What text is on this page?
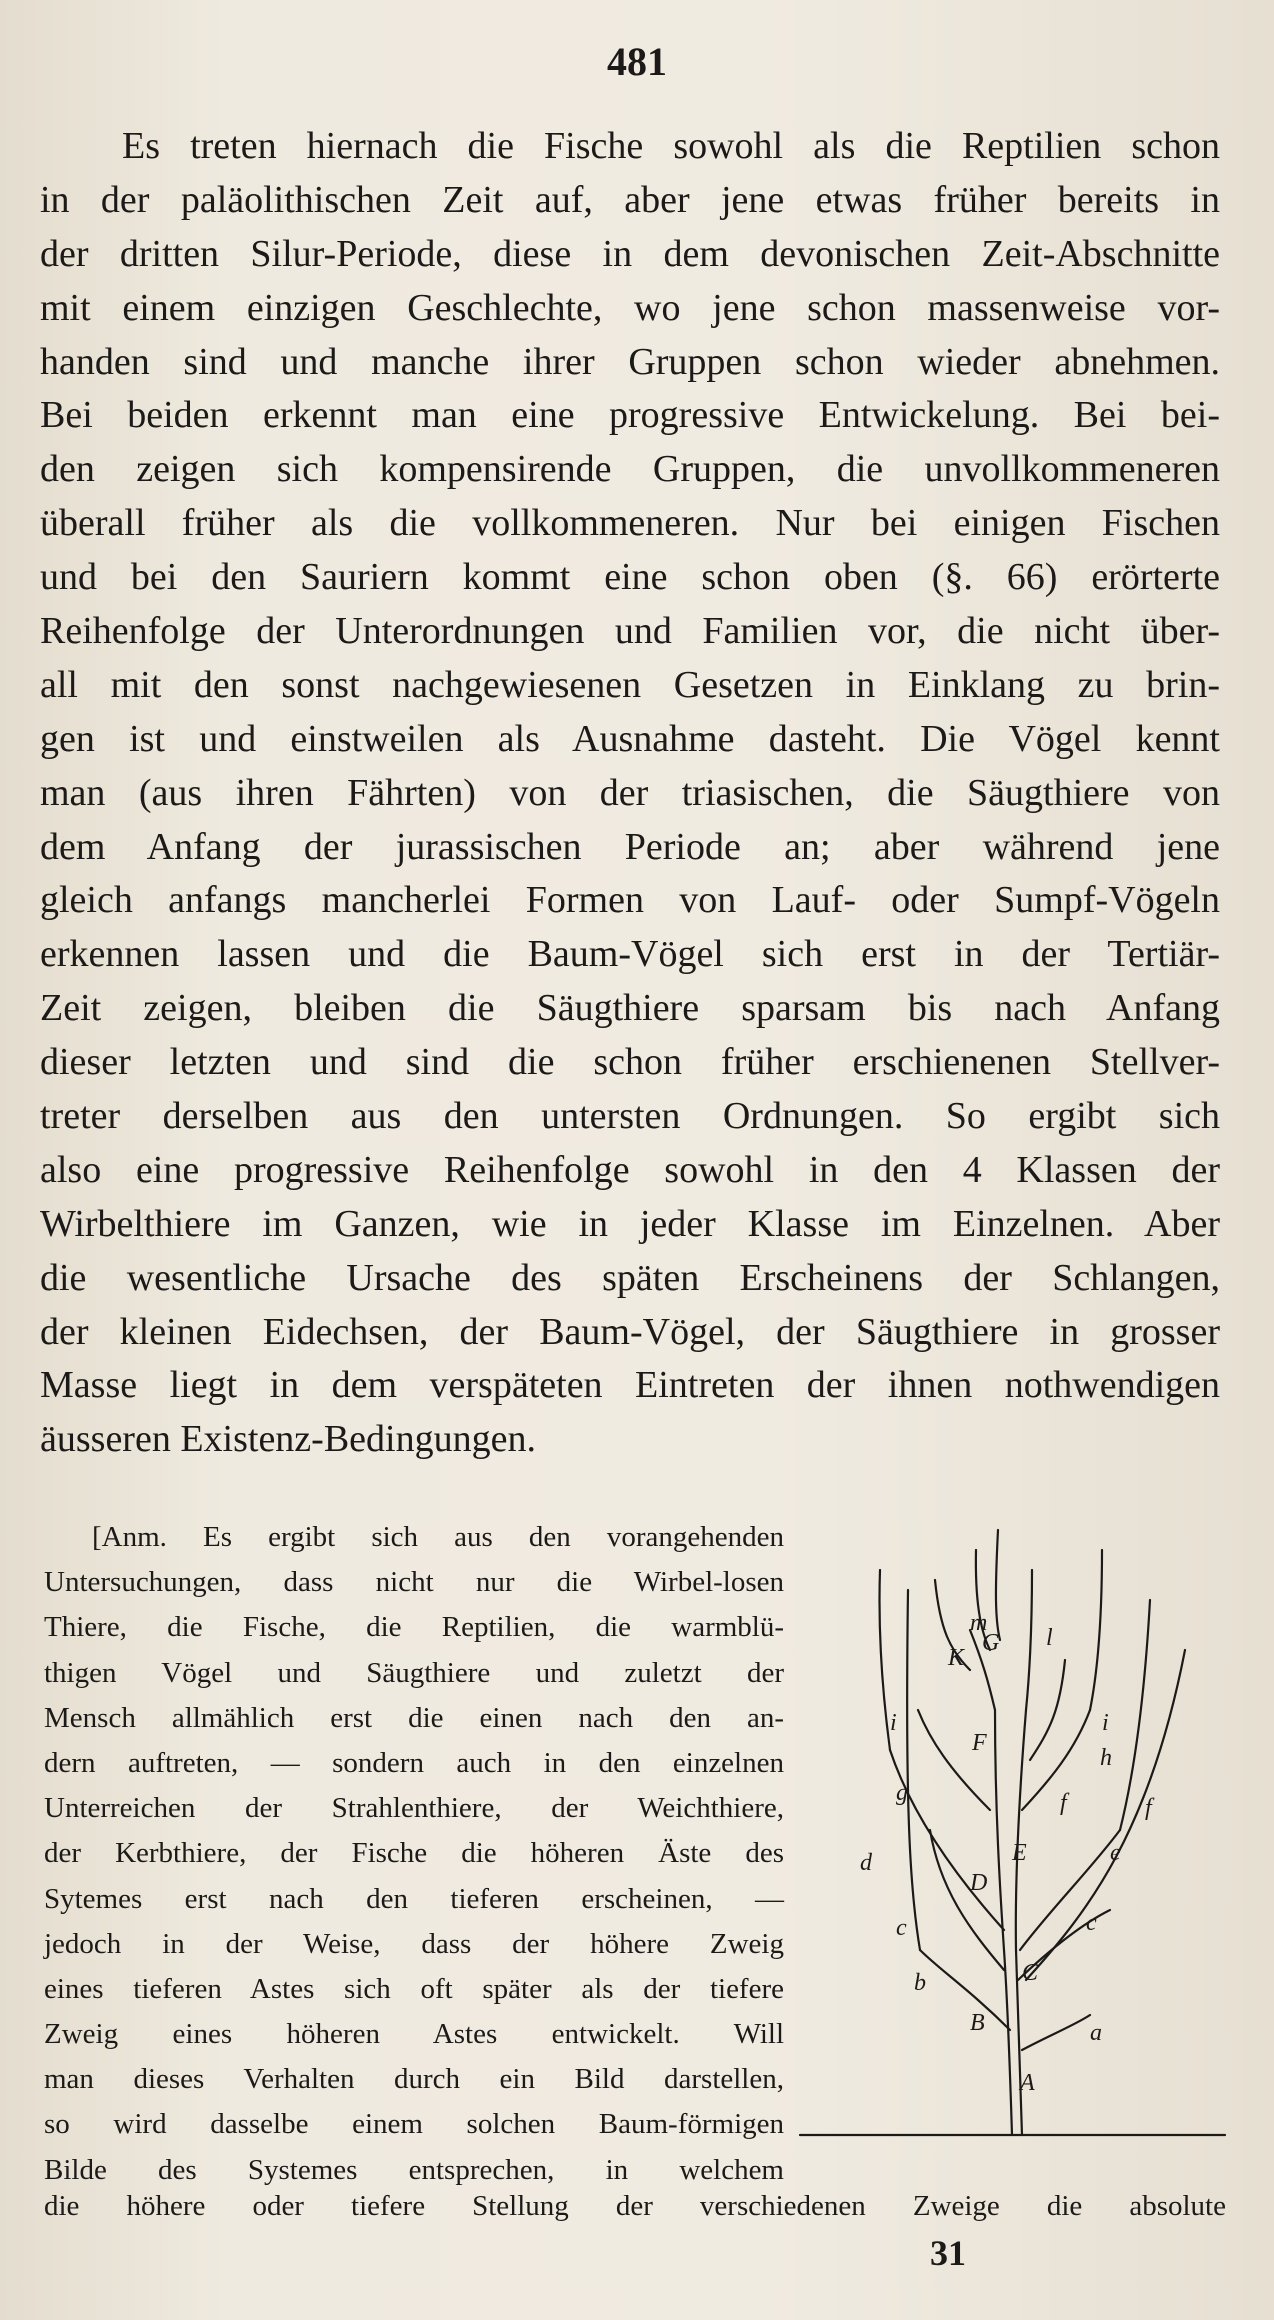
481
Es treten hiernach die Fische sowohl als die Reptilien schon
in der paläolithischen Zeit auf, aber jene etwas früher bereits in
der dritten Silur-Periode, diese in dem devonischen Zeit-Abschnitte
mit einem einzigen Geschlechte, wo jene schon massenweise vor-
handen sind und manche ihrer Gruppen schon wieder abnehmen.
Bei beiden erkennt man eine progressive Entwickelung. Bei bei-
den zeigen sich kompensirende Gruppen, die unvollkommeneren
überall früher als die vollkommeneren. Nur bei einigen Fischen
und bei den Sauriern kommt eine schon oben (§. 66) erörterte
Reihenfolge der Unterordnungen und Familien vor, die nicht über-
all mit den sonst nachgewiesenen Gesetzen in Einklang zu brin-
gen ist und einstweilen als Ausnahme dasteht. Die Vögel kennt
man (aus ihren Fährten) von der triasischen, die Säugthiere von
dem Anfang der jurassischen Periode an; aber während jene
gleich anfangs mancherlei Formen von Lauf- oder Sumpf-Vögeln
erkennen lassen und die Baum-Vögel sich erst in der Tertiär-
Zeit zeigen, bleiben die Säugthiere sparsam bis nach Anfang
dieser letzten und sind die schon früher erschienenen Stellver-
treter derselben aus den untersten Ordnungen. So ergibt sich
also eine progressive Reihenfolge sowohl in den 4 Klassen der
Wirbelthiere im Ganzen, wie in jeder Klasse im Einzelnen. Aber
die wesentliche Ursache des späten Erscheinens der Schlangen,
der kleinen Eidechsen, der Baum-Vögel, der Säugthiere in grosser
Masse liegt in dem verspäteten Eintreten der ihnen nothwendigen
äusseren Existenz-Bedingungen.
[Anm. Es ergibt sich aus den vorangehenden
Untersuchungen, dass nicht nur die Wirbel-losen
Thiere, die Fische, die Reptilien, die warmblü-
thigen Vögel und Säugthiere und zuletzt der
Mensch allmählich erst die einen nach den an-
dern auftreten, — sondern auch in den einzelnen
Unterreichen der Strahlenthiere, der Weichthiere,
der Kerbthiere, der Fische die höheren Äste des
Sytemes erst nach den tieferen erscheinen, —
jedoch in der Weise, dass der höhere Zweig
eines tieferen Astes sich oft später als der tiefere
Zweig eines höheren Astes entwickelt. Will
man dieses Verhalten durch ein Bild darstellen,
so wird dasselbe einem solchen Baum-förmigen
Bilde des Systemes entsprechen, in welchem
A
B
C
D
E
F
G
K
a
b
c	c
d	e
f	f
g
h
i	i
l
m
die höhere oder tiefere Stellung der verschiedenen Zweige die absolute
31
